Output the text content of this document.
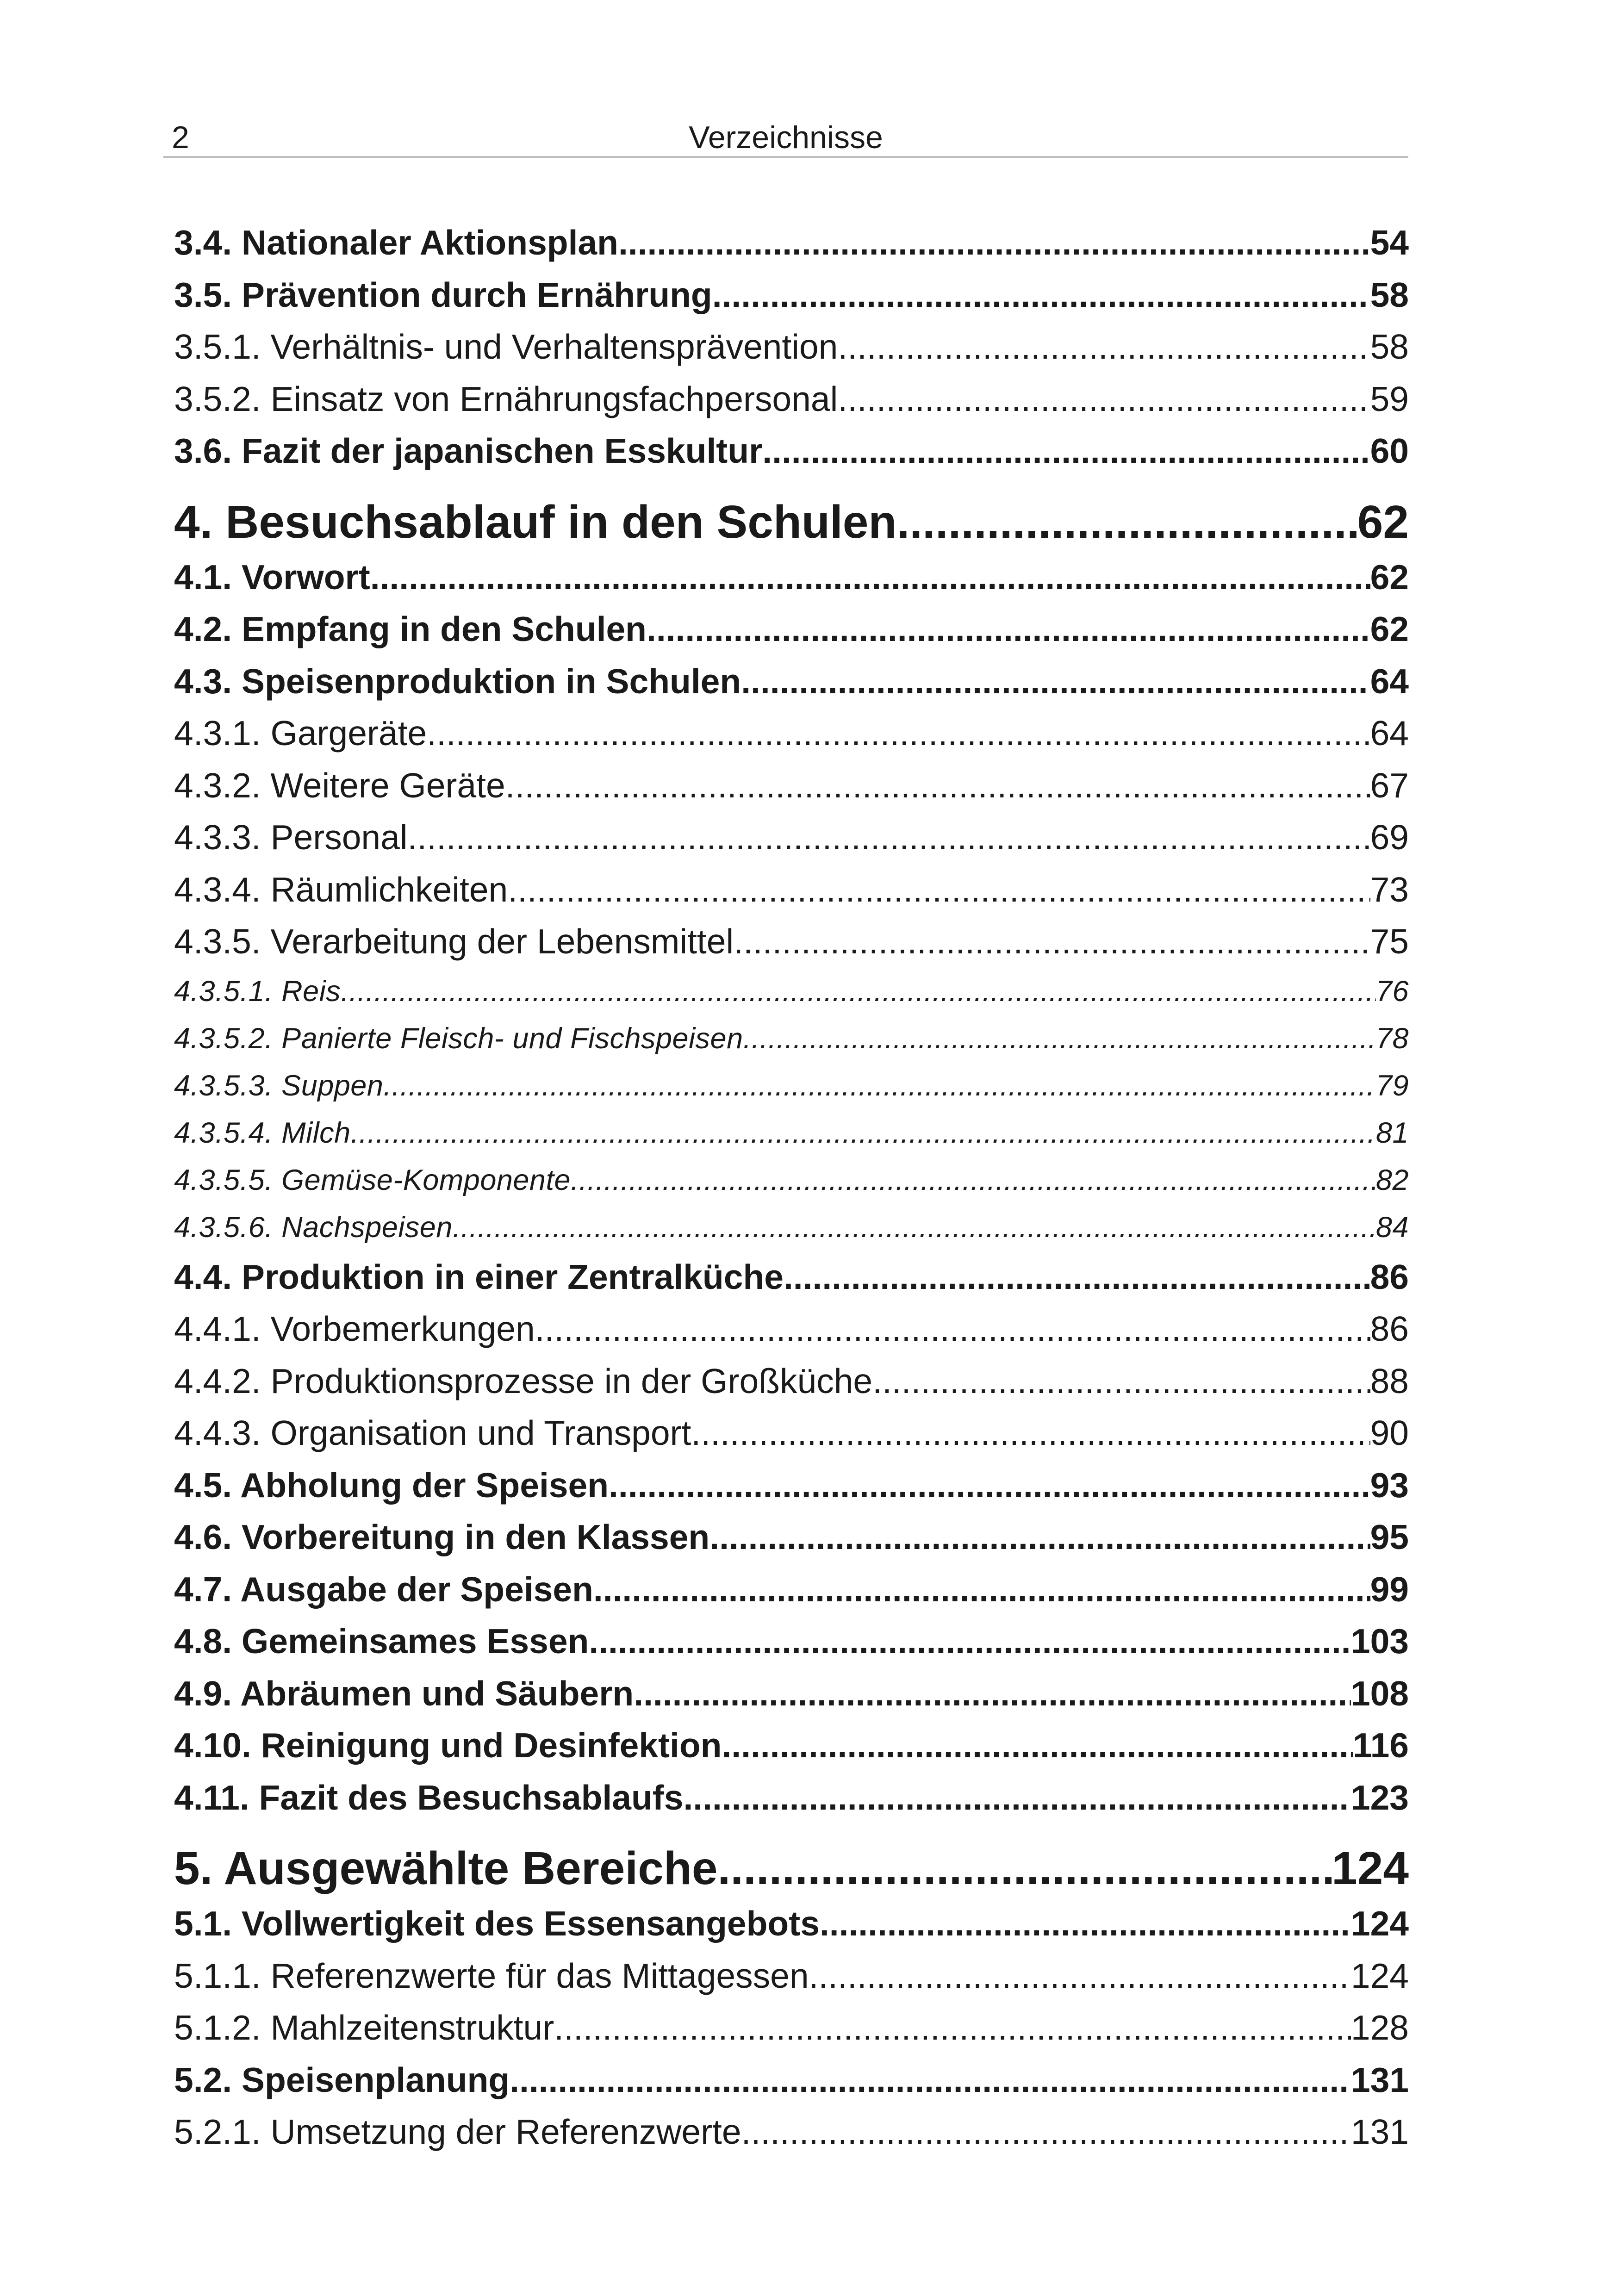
2	Verzeichnisse
3.4. Nationaler Aktionsplan .....	54
3.5. Prävention durch Ernährung .....	58
3.5.1. Verhältnis- und Verhaltensprävention .....	58
3.5.2. Einsatz von Ernährungsfachpersonal .....	59
3.6. Fazit der japanischen Esskultur .....	60
4. Besuchsablauf in den Schulen .....	62
4.1. Vorwort .....	62
4.2. Empfang in den Schulen .....	62
4.3. Speisenproduktion in Schulen .....	64
4.3.1. Gargeräte .....	64
4.3.2. Weitere Geräte .....	67
4.3.3. Personal .....	69
4.3.4. Räumlichkeiten .....	73
4.3.5. Verarbeitung der Lebensmittel .....	75
4.3.5.1. Reis .....	76
4.3.5.2. Panierte Fleisch- und Fischspeisen .....	78
4.3.5.3. Suppen .....	79
4.3.5.4. Milch .....	81
4.3.5.5. Gemüse-Komponente .....	82
4.3.5.6. Nachspeisen .....	84
4.4. Produktion in einer Zentralküche .....	86
4.4.1. Vorbemerkungen .....	86
4.4.2. Produktionsprozesse in der Großküche .....	88
4.4.3. Organisation und Transport .....	90
4.5. Abholung der Speisen .....	93
4.6. Vorbereitung in den Klassen .....	95
4.7. Ausgabe der Speisen .....	99
4.8. Gemeinsames Essen .....	103
4.9. Abräumen und Säubern .....	108
4.10. Reinigung und Desinfektion .....	116
4.11. Fazit des Besuchsablaufs .....	123
5. Ausgewählte Bereiche .....	124
5.1. Vollwertigkeit des Essensangebots .....	124
5.1.1. Referenzwerte für das Mittagessen .....	124
5.1.2. Mahlzeitenstruktur .....	128
5.2. Speisenplanung .....	131
5.2.1. Umsetzung der Referenzwerte .....	131
